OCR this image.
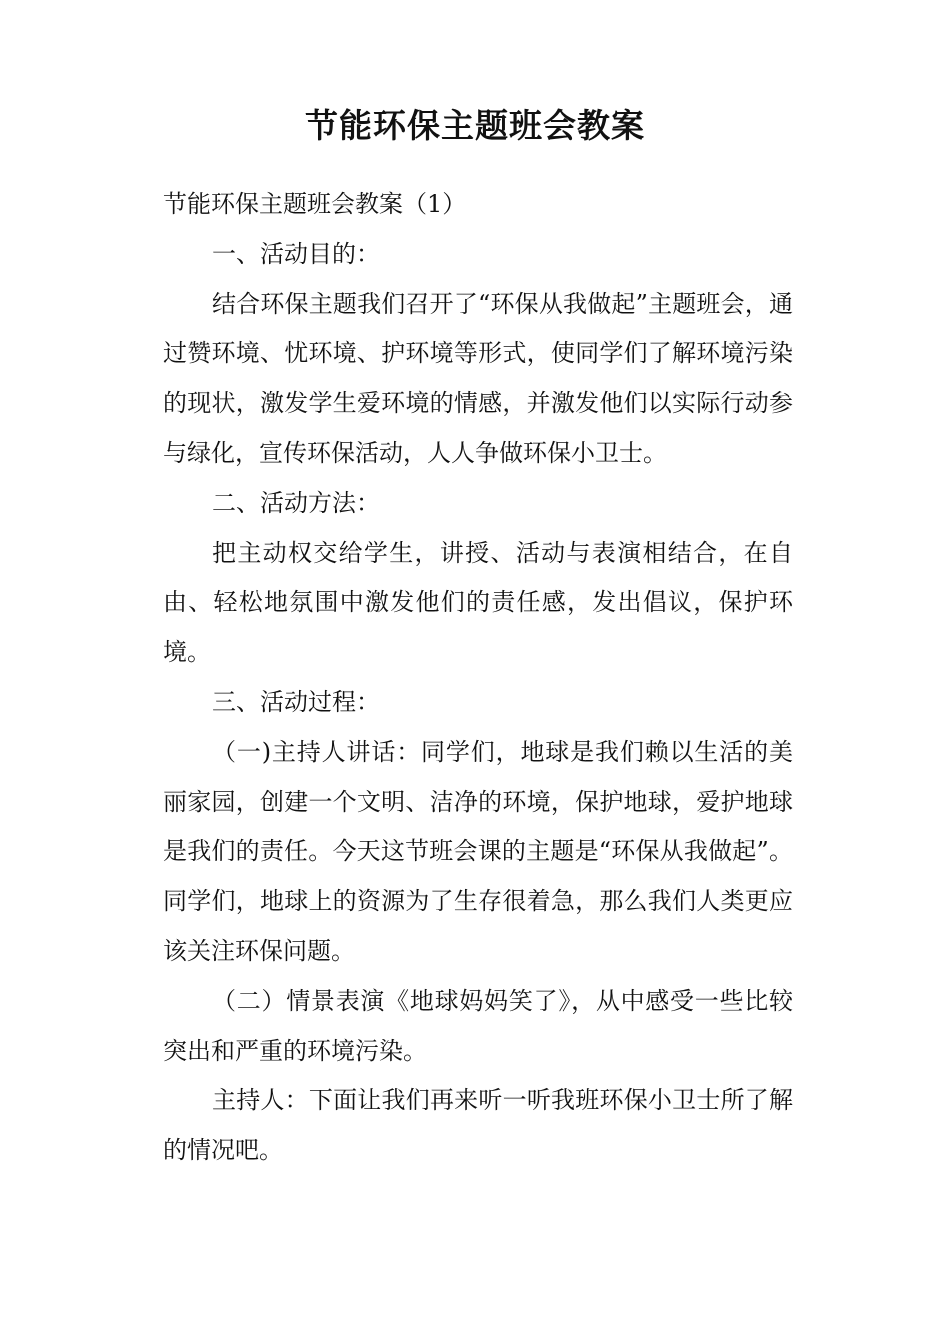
节能环保主题班会教案

节能环保主题班会教案（1）

一、活动目的：

结合环保主题我们召开了“环保从我做起”主题班会，通过赞环境、忧环境、护环境等形式，使同学们了解环境污染的现状，激发学生爱环境的情感，并激发他们以实际行动参与绿化，宣传环保活动，人人争做环保小卫士。

二、活动方法：

把主动权交给学生，讲授、活动与表演相结合，在自由、轻松地氛围中激发他们的责任感，发出倡议，保护环境。

三、活动过程：

（一)主持人讲话：同学们，地球是我们赖以生活的美丽家园，创建一个文明、洁净的环境，保护地球，爱护地球是我们的责任。今天这节班会课的主题是“环保从我做起”。同学们，地球上的资源为了生存很着急，那么我们人类更应该关注环保问题。

（二）情景表演《地球妈妈笑了》，从中感受一些比较突出和严重的环境污染。

主持人：下面让我们再来听一听我班环保小卫士所了解的情况吧。
